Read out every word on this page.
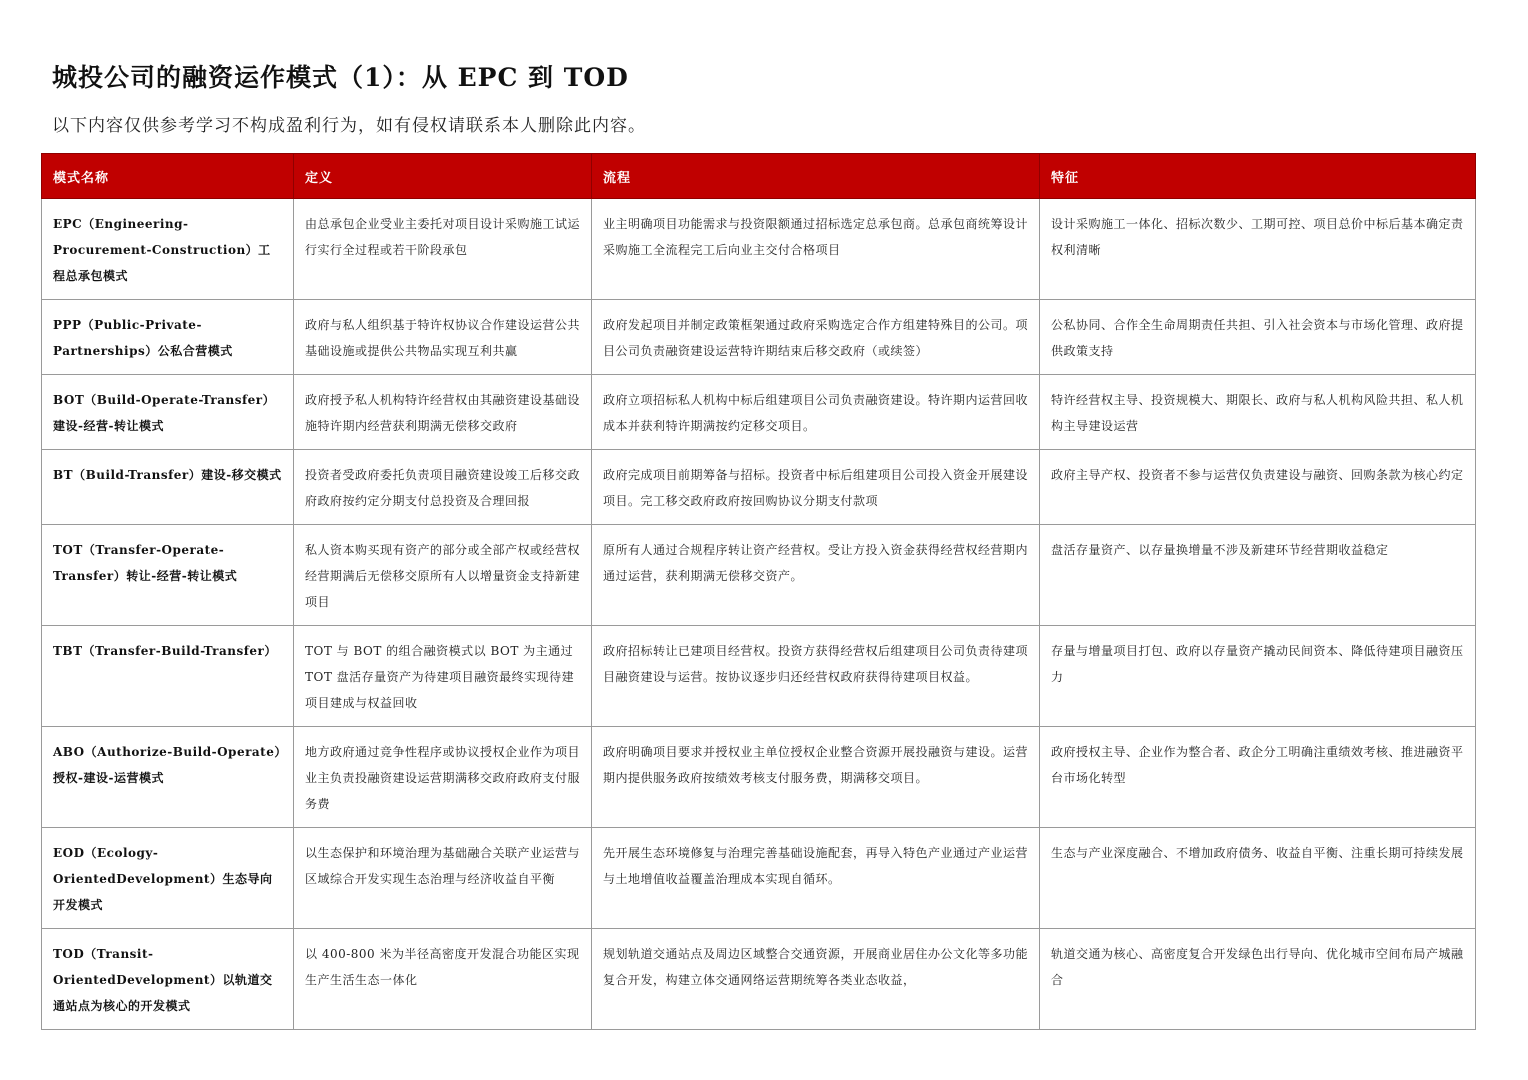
城投公司的融资运作模式（1）：从 EPC 到 TOD
以下内容仅供参考学习不构成盈利行为，如有侵权请联系本人删除此内容。
模式名称	定义	流程	特征
EPC（Engineering-Procurement-Construction）工程总承包模式	由总承包企业受业主委托对项目设计采购施工试运行实行全过程或若干阶段承包	业主明确项目功能需求与投资限额通过招标选定总承包商。总承包商统筹设计采购施工全流程完工后向业主交付合格项目	设计采购施工一体化、招标次数少、工期可控、项目总价中标后基本确定责权利清晰
PPP（Public-Private-Partnerships）公私合营模式	政府与私人组织基于特许权协议合作建设运营公共基础设施或提供公共物品实现互利共赢	政府发起项目并制定政策框架通过政府采购选定合作方组建特殊目的公司。项目公司负责融资建设运营特许期结束后移交政府（或续签）	公私协同、合作全生命周期责任共担、引入社会资本与市场化管理、政府提供政策支持
BOT（Build-Operate-Transfer）建设-经营-转让模式	政府授予私人机构特许经营权由其融资建设基础设施特许期内经营获利期满无偿移交政府	政府立项招标私人机构中标后组建项目公司负责融资建设。特许期内运营回收成本并获利特许期满按约定移交项目。	特许经营权主导、投资规模大、期限长、政府与私人机构风险共担、私人机构主导建设运营
BT（Build-Transfer）建设-移交模式	投资者受政府委托负责项目融资建设竣工后移交政府政府按约定分期支付总投资及合理回报	政府完成项目前期筹备与招标。投资者中标后组建项目公司投入资金开展建设项目。完工移交政府政府按回购协议分期支付款项	政府主导产权、投资者不参与运营仅负责建设与融资、回购条款为核心约定
TOT（Transfer-Operate-Transfer）转让-经营-转让模式	私人资本购买现有资产的部分或全部产权或经营权经营期满后无偿移交原所有人以增量资金支持新建项目	原所有人通过合规程序转让资产经营权。受让方投入资金获得经营权经营期内通过运营，获利期满无偿移交资产。	盘活存量资产、以存量换增量不涉及新建环节经营期收益稳定
TBT（Transfer-Build-Transfer）	TOT 与 BOT 的组合融资模式以 BOT 为主通过 TOT 盘活存量资产为待建项目融资最终实现待建项目建成与权益回收	政府招标转让已建项目经营权。投资方获得经营权后组建项目公司负责待建项目融资建设与运营。按协议逐步归还经营权政府获得待建项目权益。	存量与增量项目打包、政府以存量资产撬动民间资本、降低待建项目融资压力
ABO（Authorize-Build-Operate）授权-建设-运营模式	地方政府通过竞争性程序或协议授权企业作为项目业主负责投融资建设运营期满移交政府政府支付服务费	政府明确项目要求并授权业主单位授权企业整合资源开展投融资与建设。运营期内提供服务政府按绩效考核支付服务费，期满移交项目。	政府授权主导、企业作为整合者、政企分工明确注重绩效考核、推进融资平台市场化转型
EOD（Ecology-OrientedDevelopment）生态导向开发模式	以生态保护和环境治理为基础融合关联产业运营与区域综合开发实现生态治理与经济收益自平衡	先开展生态环境修复与治理完善基础设施配套，再导入特色产业通过产业运营与土地增值收益覆盖治理成本实现自循环。	生态与产业深度融合、不增加政府债务、收益自平衡、注重长期可持续发展
TOD（Transit-OrientedDevelopment）以轨道交通站点为核心的开发模式	以 400-800 米为半径高密度开发混合功能区实现生产生活生态一体化	规划轨道交通站点及周边区域整合交通资源，开展商业居住办公文化等多功能复合开发，构建立体交通网络运营期统筹各类业态收益，	轨道交通为核心、高密度复合开发绿色出行导向、优化城市空间布局产城融合
